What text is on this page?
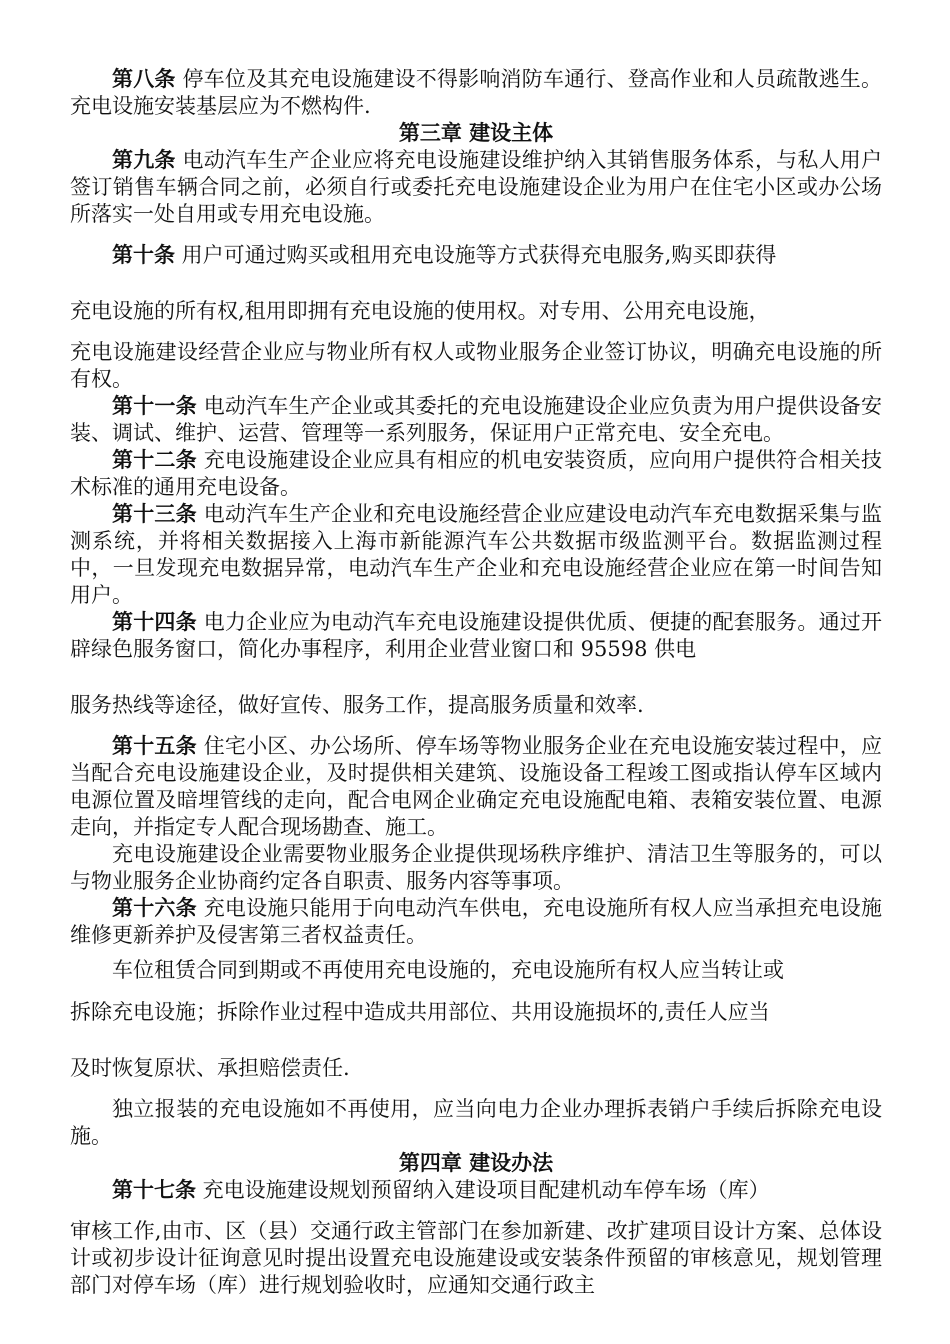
第八条 停车位及其充电设施建设不得影响消防车通行、登高作业和人员疏散逃生。充电设施安装基层应为不燃构件.

第三章 建设主体

第九条 电动汽车生产企业应将充电设施建设维护纳入其销售服务体系，与私人用户签订销售车辆合同之前，必须自行或委托充电设施建设企业为用户在住宅小区或办公场所落实一处自用或专用充电设施。

第十条 用户可通过购买或租用充电设施等方式获得充电服务,购买即获得

充电设施的所有权,租用即拥有充电设施的使用权。对专用、公用充电设施，

充电设施建设经营企业应与物业所有权人或物业服务企业签订协议，明确充电设施的所有权。

第十一条 电动汽车生产企业或其委托的充电设施建设企业应负责为用户提供设备安装、调试、维护、运营、管理等一系列服务，保证用户正常充电、安全充电。

第十二条 充电设施建设企业应具有相应的机电安装资质，应向用户提供符合相关技术标准的通用充电设备。

第十三条 电动汽车生产企业和充电设施经营企业应建设电动汽车充电数据采集与监测系统，并将相关数据接入上海市新能源汽车公共数据市级监测平台。数据监测过程中，一旦发现充电数据异常，电动汽车生产企业和充电设施经营企业应在第一时间告知用户。

第十四条 电力企业应为电动汽车充电设施建设提供优质、便捷的配套服务。通过开辟绿色服务窗口，简化办事程序，利用企业营业窗口和 95598 供电

服务热线等途径，做好宣传、服务工作，提高服务质量和效率.

第十五条 住宅小区、办公场所、停车场等物业服务企业在充电设施安装过程中，应当配合充电设施建设企业，及时提供相关建筑、设施设备工程竣工图或指认停车区域内电源位置及暗埋管线的走向，配合电网企业确定充电设施配电箱、表箱安装位置、电源走向，并指定专人配合现场勘查、施工。

充电设施建设企业需要物业服务企业提供现场秩序维护、清洁卫生等服务的，可以与物业服务企业协商约定各自职责、服务内容等事项。

第十六条 充电设施只能用于向电动汽车供电，充电设施所有权人应当承担充电设施维修更新养护及侵害第三者权益责任。

车位租赁合同到期或不再使用充电设施的，充电设施所有权人应当转让或

拆除充电设施；拆除作业过程中造成共用部位、共用设施损坏的,责任人应当

及时恢复原状、承担赔偿责任.

独立报装的充电设施如不再使用，应当向电力企业办理拆表销户手续后拆除充电设施。

第四章 建设办法

第十七条 充电设施建设规划预留纳入建设项目配建机动车停车场（库）

审核工作,由市、区（县）交通行政主管部门在参加新建、改扩建项目设计方案、总体设计或初步设计征询意见时提出设置充电设施建设或安装条件预留的审核意见，规划管理部门对停车场（库）进行规划验收时，应通知交通行政主
